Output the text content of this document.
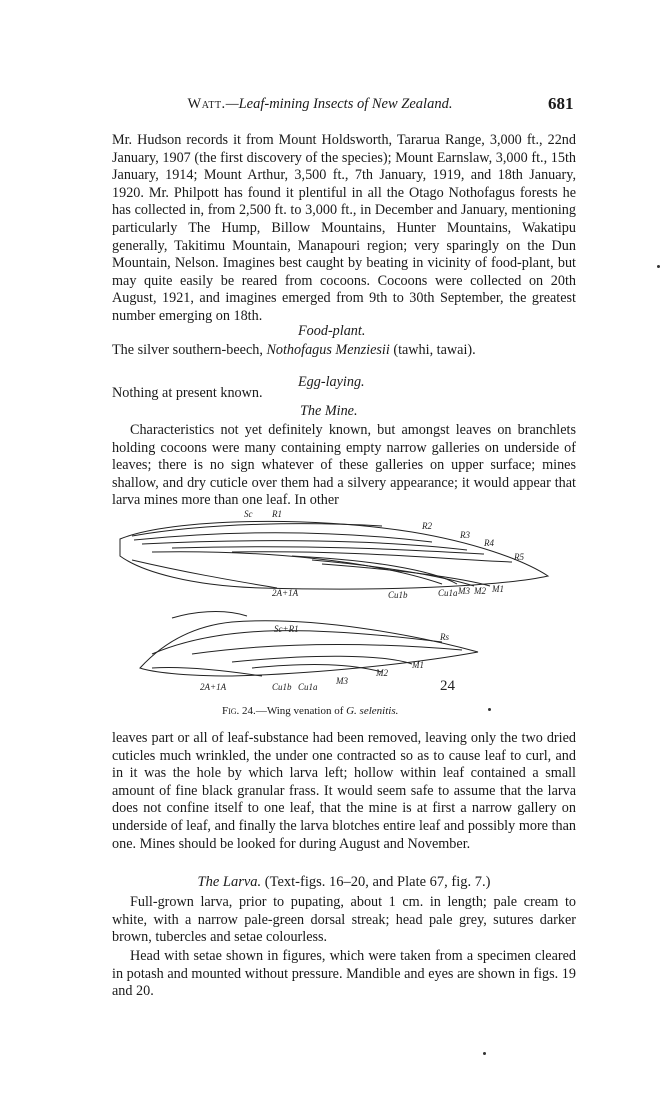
Watt.—Leaf-mining Insects of New Zealand.	681
Mr. Hudson records it from Mount Holdsworth, Tararua Range, 3,000 ft., 22nd January, 1907 (the first discovery of the species); Mount Earnslaw, 3,000 ft., 15th January, 1914; Mount Arthur, 3,500 ft., 7th January, 1919, and 18th January, 1920. Mr. Philpott has found it plentiful in all the Otago Nothofagus forests he has collected in, from 2,500 ft. to 3,000 ft., in December and January, mentioning particularly The Hump, Billow Mountains, Hunter Mountains, Wakatipu generally, Takitimu Mountain, Manapouri region; very sparingly on the Dun Mountain, Nelson. Imagines best caught by beating in vicinity of food-plant, but may quite easily be reared from cocoons. Cocoons were collected on 20th August, 1921, and imagines emerged from 9th to 30th September, the greatest number emerging on 18th.
Food-plant.
The silver southern-beech, Nothofagus Menziesii (tawhi, tawai).
Egg-laying.
Nothing at present known.
The Mine.
Characteristics not yet definitely known, but amongst leaves on branchlets holding cocoons were many containing empty narrow galleries on underside of leaves; there is no sign whatever of these galleries on upper surface; mines shallow, and dry cuticle over them had a silvery appearance; it would appear that larva mines more than one leaf. In other
Sc R1
R2
R3
R4
R5
2A+1A	Cu1b	Cu1a M3 M2 M1
Sc+R1
Rs
M1
M2
M3
2A+1A	Cu1b Cu1a	24
Fig. 24.—Wing venation of G. selenitis.
leaves part or all of leaf-substance had been removed, leaving only the two dried cuticles much wrinkled, the under one contracted so as to cause leaf to curl, and in it was the hole by which larva left; hollow within leaf contained a small amount of fine black granular frass. It would seem safe to assume that the larva does not confine itself to one leaf, that the mine is at first a narrow gallery on underside of leaf, and finally the larva blotches entire leaf and possibly more than one. Mines should be looked for during August and November.
The Larva. (Text-figs. 16–20, and Plate 67, fig. 7.)
Full-grown larva, prior to pupating, about 1 cm. in length; pale cream to white, with a narrow pale-green dorsal streak; head pale grey, sutures darker brown, tubercles and setae colourless.
Head with setae shown in figures, which were taken from a specimen cleared in potash and mounted without pressure. Mandible and eyes are shown in figs. 19 and 20.
